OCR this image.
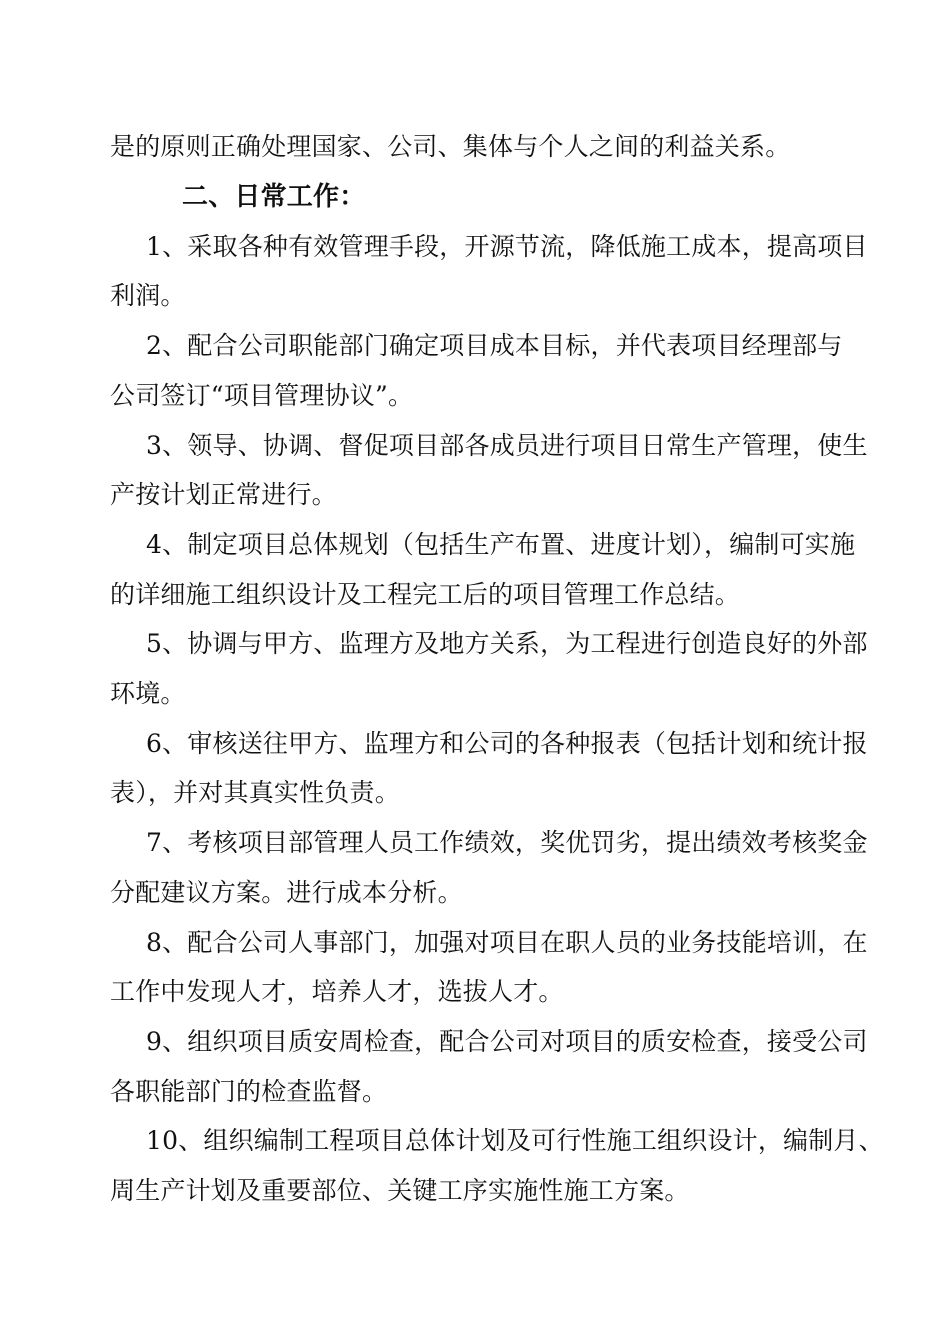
是的原则正确处理国家、公司、集体与个人之间的利益关系。
二、日常工作：
1、采取各种有效管理手段，开源节流，降低施工成本，提高项目
利润。
2、配合公司职能部门确定项目成本目标，并代表项目经理部与
公司签订“项目管理协议”。
3、领导、协调、督促项目部各成员进行项目日常生产管理，使生
产按计划正常进行。
4、制定项目总体规划（包括生产布置、进度计划），编制可实施
的详细施工组织设计及工程完工后的项目管理工作总结。
5、协调与甲方、监理方及地方关系，为工程进行创造良好的外部
环境。
6、审核送往甲方、监理方和公司的各种报表（包括计划和统计报
表），并对其真实性负责。
7、考核项目部管理人员工作绩效，奖优罚劣，提出绩效考核奖金
分配建议方案。进行成本分析。
8、配合公司人事部门，加强对项目在职人员的业务技能培训，在
工作中发现人才，培养人才，选拔人才。
9、组织项目质安周检查，配合公司对项目的质安检查，接受公司
各职能部门的检查监督。
10、组织编制工程项目总体计划及可行性施工组织设计，编制月、
周生产计划及重要部位、关键工序实施性施工方案。
